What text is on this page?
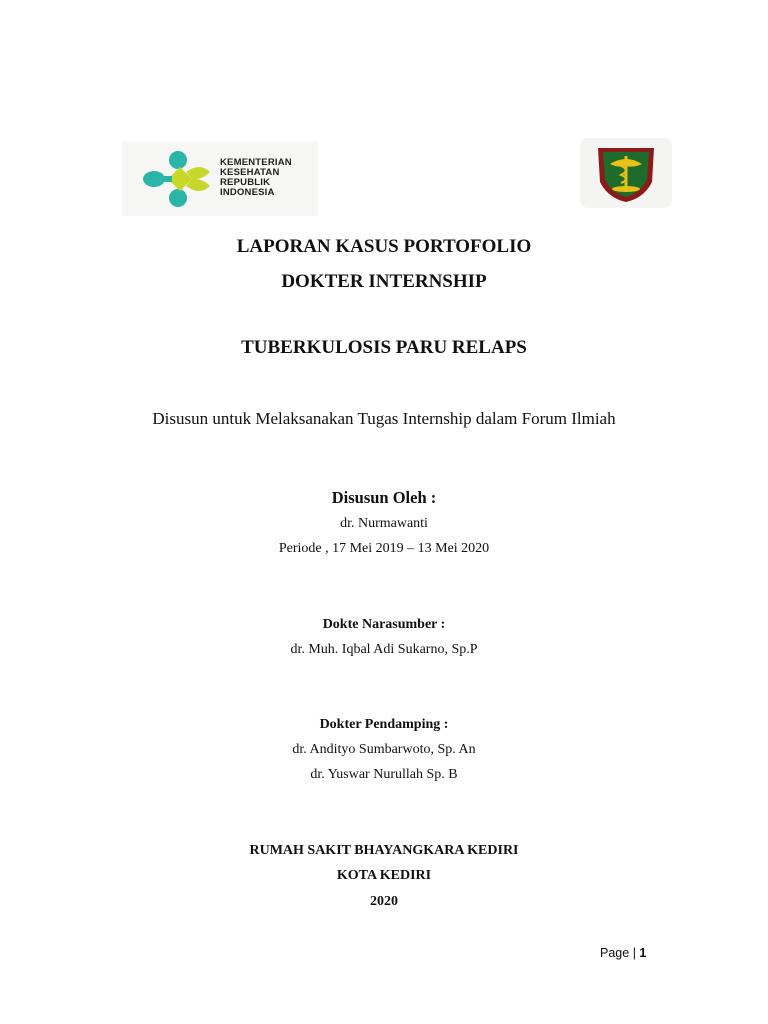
KEMENTERIAN
KESEHATAN
REPUBLIK
INDONESIA
LAPORAN KASUS PORTOFOLIO
DOKTER INTERNSHIP
TUBERKULOSIS PARU RELAPS
Disusun untuk Melaksanakan Tugas Internship dalam Forum Ilmiah
Disusun Oleh :
dr. Nurmawanti
Periode , 17 Mei 2019 – 13 Mei 2020
Dokte Narasumber :
dr. Muh. Iqbal Adi Sukarno, Sp.P
Dokter Pendamping :
dr. Andityo Sumbarwoto, Sp. An
dr. Yuswar Nurullah Sp. B
RUMAH SAKIT BHAYANGKARA KEDIRI
KOTA KEDIRI
2020
Page | 1
